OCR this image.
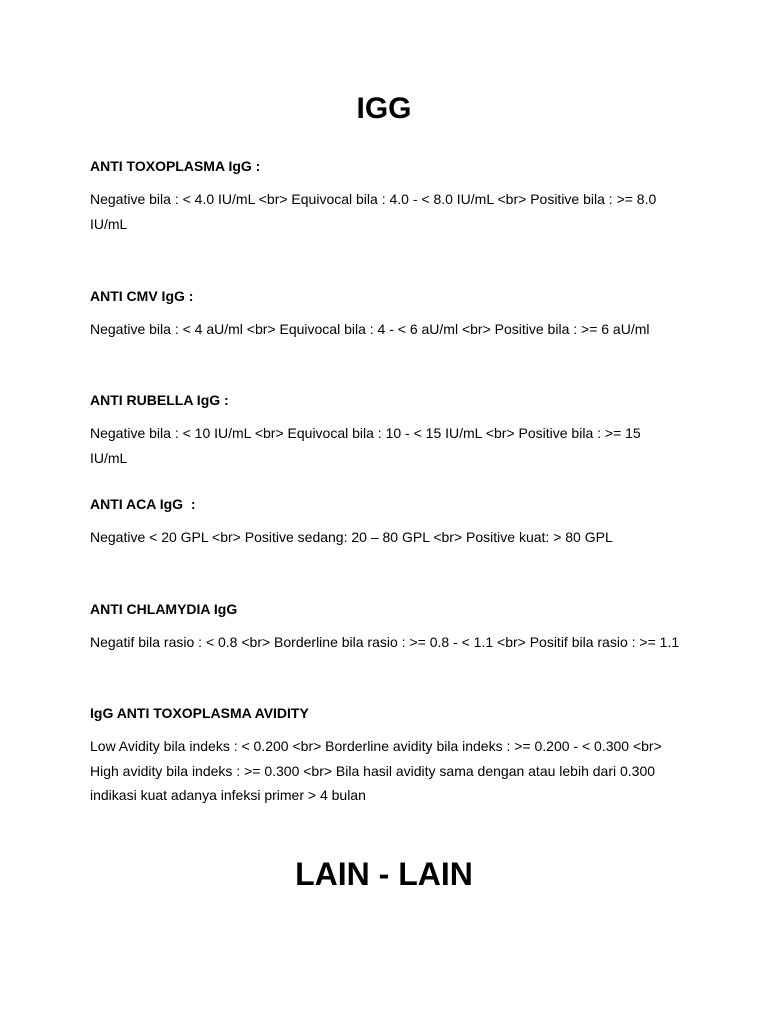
IGG

ANTI TOXOPLASMA IgG :

Negative bila : < 4.0 IU/mL <br> Equivocal bila : 4.0 - < 8.0 IU/mL <br> Positive bila : >= 8.0 IU/mL

ANTI CMV IgG :

Negative bila : < 4 aU/ml <br> Equivocal bila : 4 - < 6 aU/ml <br> Positive bila : >= 6 aU/ml

ANTI RUBELLA IgG :

Negative bila : < 10 IU/mL <br> Equivocal bila : 10 - < 15 IU/mL <br> Positive bila : >= 15 IU/mL

ANTI ACA IgG  :

Negative < 20 GPL <br> Positive sedang: 20 – 80 GPL <br> Positive kuat: > 80 GPL

ANTI CHLAMYDIA IgG

Negatif bila rasio : < 0.8 <br> Borderline bila rasio : >= 0.8 - < 1.1 <br> Positif bila rasio : >= 1.1

IgG ANTI TOXOPLASMA AVIDITY

Low Avidity bila indeks : < 0.200 <br> Borderline avidity bila indeks : >= 0.200 - < 0.300 <br> High avidity bila indeks : >= 0.300 <br> Bila hasil avidity sama dengan atau lebih dari 0.300 indikasi kuat adanya infeksi primer > 4 bulan

LAIN - LAIN
